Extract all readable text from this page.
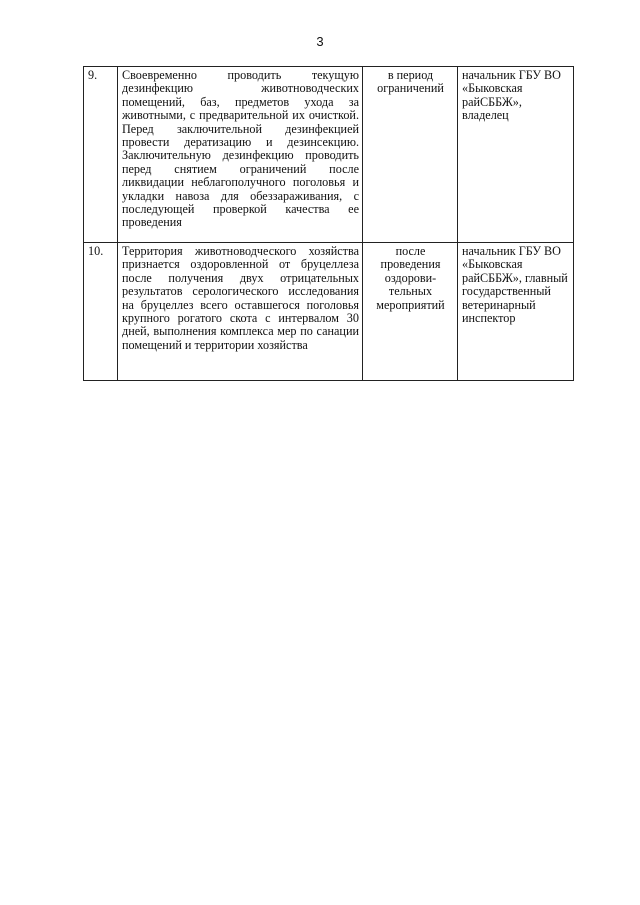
3
9.	Своевременно проводить текущую дезинфекцию животноводческих помещений, баз, предметов ухода за животными, с предварительной их очисткой. Перед заключительной дезинфекцией провести дератизацию и дезинсекцию. Заключительную дезинфекцию проводить перед снятием ограничений после ликвидации неблагополучного поголовья и укладки навоза для обеззараживания, с последующей проверкой качества ее проведения	в период ограничений	начальник ГБУ ВО «Быковская райСББЖ», владелец
10.	Территория животноводческого хозяйства признается оздоровленной от бруцеллеза после получения двух отрицательных результатов серологического исследования на бруцеллез всего оставшегося поголовья крупного рогатого скота с интервалом 30 дней, выполнения комплекса мер по санации помещений и территории хозяйства	после проведения оздорови-тельных мероприятий	начальник ГБУ ВО «Быковская райСББЖ», главный государственный ветеринарный инспектор
